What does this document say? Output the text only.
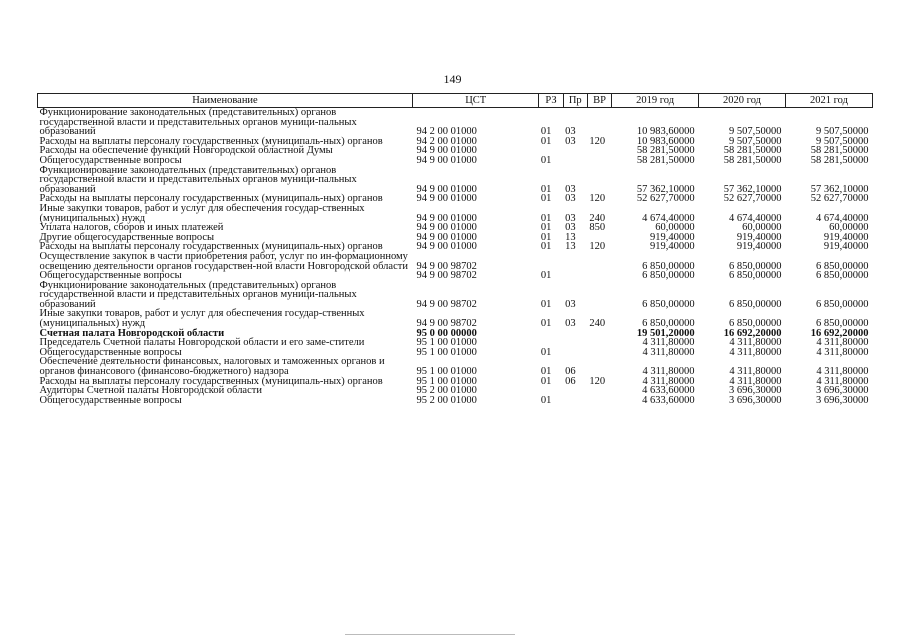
149
Наименование	ЦСТ	РЗ	Пр	ВР	2019 год	2020 год	2021 год
Функционирование законодательных (представительных) органов государственной власти и представительных органов муници-пальных образований	94 2 00 01000	01	03		10 983,60000	9 507,50000	9 507,50000
Расходы на выплаты персоналу государственных (муниципаль-ных) органов	94 2 00 01000	01	03	120	10 983,60000	9 507,50000	9 507,50000
Расходы на обеспечение функций Новгородской областной Думы	94 9 00 01000				58 281,50000	58 281,50000	58 281,50000
Общегосударственные вопросы	94 9 00 01000	01			58 281,50000	58 281,50000	58 281,50000
Функционирование законодательных (представительных) органов государственной власти и представительных органов муници-пальных образований	94 9 00 01000	01	03		57 362,10000	57 362,10000	57 362,10000
Расходы на выплаты персоналу государственных (муниципаль-ных) органов	94 9 00 01000	01	03	120	52 627,70000	52 627,70000	52 627,70000
Иные закупки товаров, работ и услуг для обеспечения государ-ственных (муниципальных) нужд	94 9 00 01000	01	03	240	4 674,40000	4 674,40000	4 674,40000
Уплата налогов, сборов и иных платежей	94 9 00 01000	01	03	850	60,00000	60,00000	60,00000
Другие общегосударственные вопросы	94 9 00 01000	01	13		919,40000	919,40000	919,40000
Расходы на выплаты персоналу государственных (муниципаль-ных) органов	94 9 00 01000	01	13	120	919,40000	919,40000	919,40000
Осуществление закупок в части приобретения работ, услуг по ин-формационному освещению деятельности органов государствен-ной власти Новгородской области	94 9 00 98702				6 850,00000	6 850,00000	6 850,00000
Общегосударственные вопросы	94 9 00 98702	01			6 850,00000	6 850,00000	6 850,00000
Функционирование законодательных (представительных) органов государственной власти и представительных органов муници-пальных образований	94 9 00 98702	01	03		6 850,00000	6 850,00000	6 850,00000
Иные закупки товаров, работ и услуг для обеспечения государ-ственных (муниципальных) нужд	94 9 00 98702	01	03	240	6 850,00000	6 850,00000	6 850,00000
Счетная палата Новгородской области	95 0 00 00000				19 501,20000	16 692,20000	16 692,20000
Председатель Счетной палаты Новгородской области и его заме-стители	95 1 00 01000				4 311,80000	4 311,80000	4 311,80000
Общегосударственные вопросы	95 1 00 01000	01			4 311,80000	4 311,80000	4 311,80000
Обеспечение деятельности финансовых, налоговых и таможенных органов и органов финансового (финансово-бюджетного) надзора	95 1 00 01000	01	06		4 311,80000	4 311,80000	4 311,80000
Расходы на выплаты персоналу государственных (муниципаль-ных) органов	95 1 00 01000	01	06	120	4 311,80000	4 311,80000	4 311,80000
Аудиторы Счетной палаты Новгородской области	95 2 00 01000				4 633,60000	3 696,30000	3 696,30000
Общегосударственные вопросы	95 2 00 01000	01			4 633,60000	3 696,30000	3 696,30000
